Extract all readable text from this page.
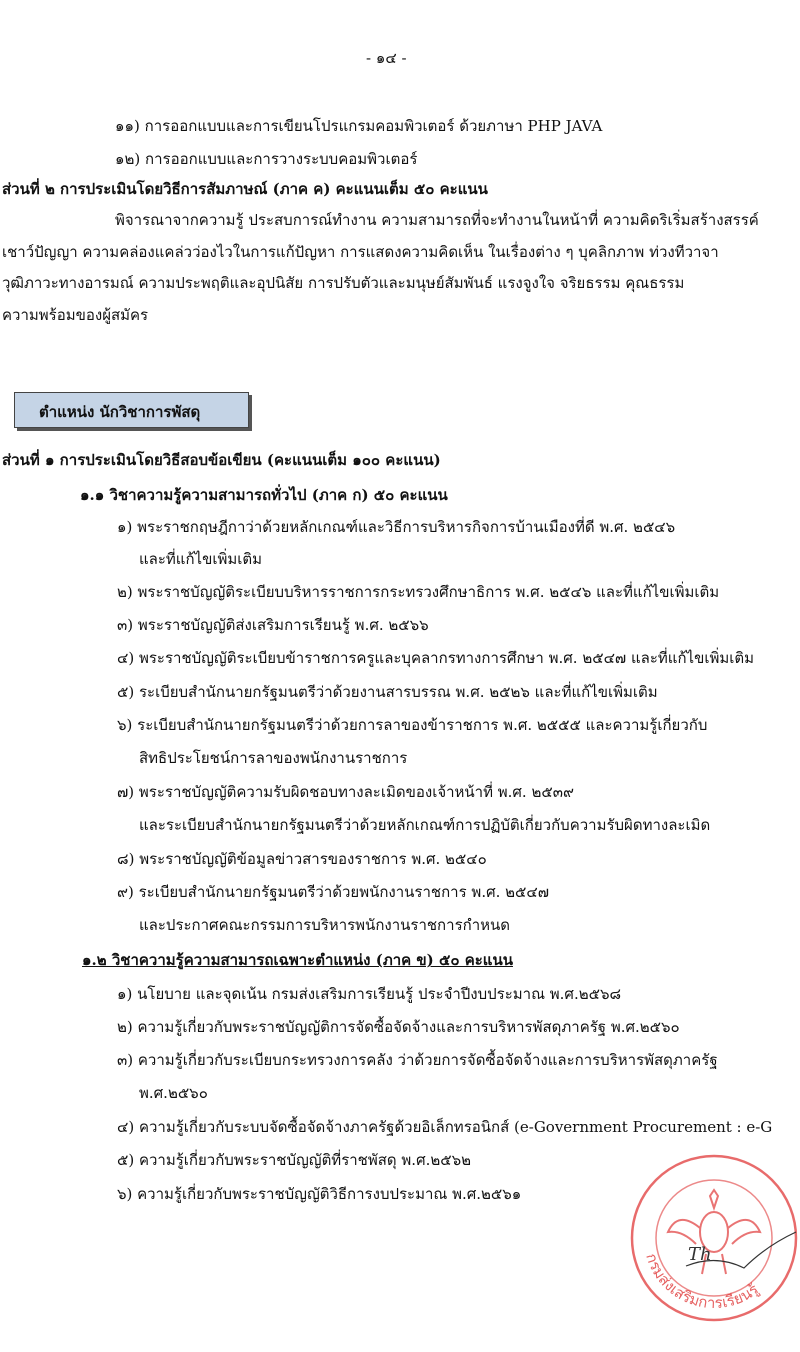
- ๑๔ -
๑๑) การออกแบบและการเขียนโปรแกรมคอมพิวเตอร์ ด้วยภาษา PHP JAVA
๑๒) การออกแบบและการวางระบบคอมพิวเตอร์
ส่วนที่ ๒ การประเมินโดยวิธีการสัมภาษณ์ (ภาค ค) คะแนนเต็ม ๕๐ คะแนน
พิจารณาจากความรู้ ประสบการณ์ทำงาน ความสามารถที่จะทำงานในหน้าที่ ความคิดริเริ่มสร้างสรรค์
เชาว์ปัญญา ความคล่องแคล่วว่องไวในการแก้ปัญหา การแสดงความคิดเห็น ในเรื่องต่าง ๆ บุคลิกภาพ ท่วงทีวาจา
วุฒิภาวะทางอารมณ์ ความประพฤติและอุปนิสัย การปรับตัวและมนุษย์สัมพันธ์ แรงจูงใจ จริยธรรม คุณธรรม
ความพร้อมของผู้สมัคร
ตำแหน่ง นักวิชาการพัสดุ
ส่วนที่ ๑ การประเมินโดยวิธีสอบข้อเขียน (คะแนนเต็ม ๑๐๐ คะแนน)
๑.๑ วิชาความรู้ความสามารถทั่วไป (ภาค ก) ๕๐ คะแนน
๑) พระราชกฤษฎีกาว่าด้วยหลักเกณฑ์และวิธีการบริหารกิจการบ้านเมืองที่ดี พ.ศ. ๒๕๔๖
และที่แก้ไขเพิ่มเติม
๒) พระราชบัญญัติระเบียบบริหารราชการกระทรวงศึกษาธิการ พ.ศ. ๒๕๔๖ และที่แก้ไขเพิ่มเติม
๓) พระราชบัญญัติส่งเสริมการเรียนรู้ พ.ศ. ๒๕๖๖
๔) พระราชบัญญัติระเบียบข้าราชการครูและบุคลากรทางการศึกษา พ.ศ. ๒๕๔๗ และที่แก้ไขเพิ่มเติม
๕) ระเบียบสำนักนายกรัฐมนตรีว่าด้วยงานสารบรรณ พ.ศ. ๒๕๒๖ และที่แก้ไขเพิ่มเติม
๖) ระเบียบสำนักนายกรัฐมนตรีว่าด้วยการลาของข้าราชการ พ.ศ. ๒๕๕๕ และความรู้เกี่ยวกับ
สิทธิประโยชน์การลาของพนักงานราชการ
๗) พระราชบัญญัติความรับผิดชอบทางละเมิดของเจ้าหน้าที่ พ.ศ. ๒๕๓๙
และระเบียบสำนักนายกรัฐมนตรีว่าด้วยหลักเกณฑ์การปฏิบัติเกี่ยวกับความรับผิดทางละเมิด
๘) พระราชบัญญัติข้อมูลข่าวสารของราชการ พ.ศ. ๒๕๔๐
๙) ระเบียบสำนักนายกรัฐมนตรีว่าด้วยพนักงานราชการ พ.ศ. ๒๕๔๗
และประกาศคณะกรรมการบริหารพนักงานราชการกำหนด
๑.๒ วิชาความรู้ความสามารถเฉพาะตำแหน่ง (ภาค ข) ๕๐ คะแนน
๑) นโยบาย และจุดเน้น กรมส่งเสริมการเรียนรู้ ประจำปีงบประมาณ พ.ศ.๒๕๖๘
๒) ความรู้เกี่ยวกับพระราชบัญญัติการจัดซื้อจัดจ้างและการบริหารพัสดุภาครัฐ พ.ศ.๒๕๖๐
๓) ความรู้เกี่ยวกับระเบียบกระทรวงการคลัง ว่าด้วยการจัดซื้อจัดจ้างและการบริหารพัสดุภาครัฐ
พ.ศ.๒๕๖๐
๔) ความรู้เกี่ยวกับระบบจัดซื้อจัดจ้างภาครัฐด้วยอิเล็กทรอนิกส์ (e-Government Procurement : e-G
๕) ความรู้เกี่ยวกับพระราชบัญญัติที่ราชพัสดุ พ.ศ.๒๕๖๒
๖) ความรู้เกี่ยวกับพระราชบัญญัติวิธีการงบประมาณ พ.ศ.๒๕๖๑
กรมส่งเสริมการเรียนรู้
Th
